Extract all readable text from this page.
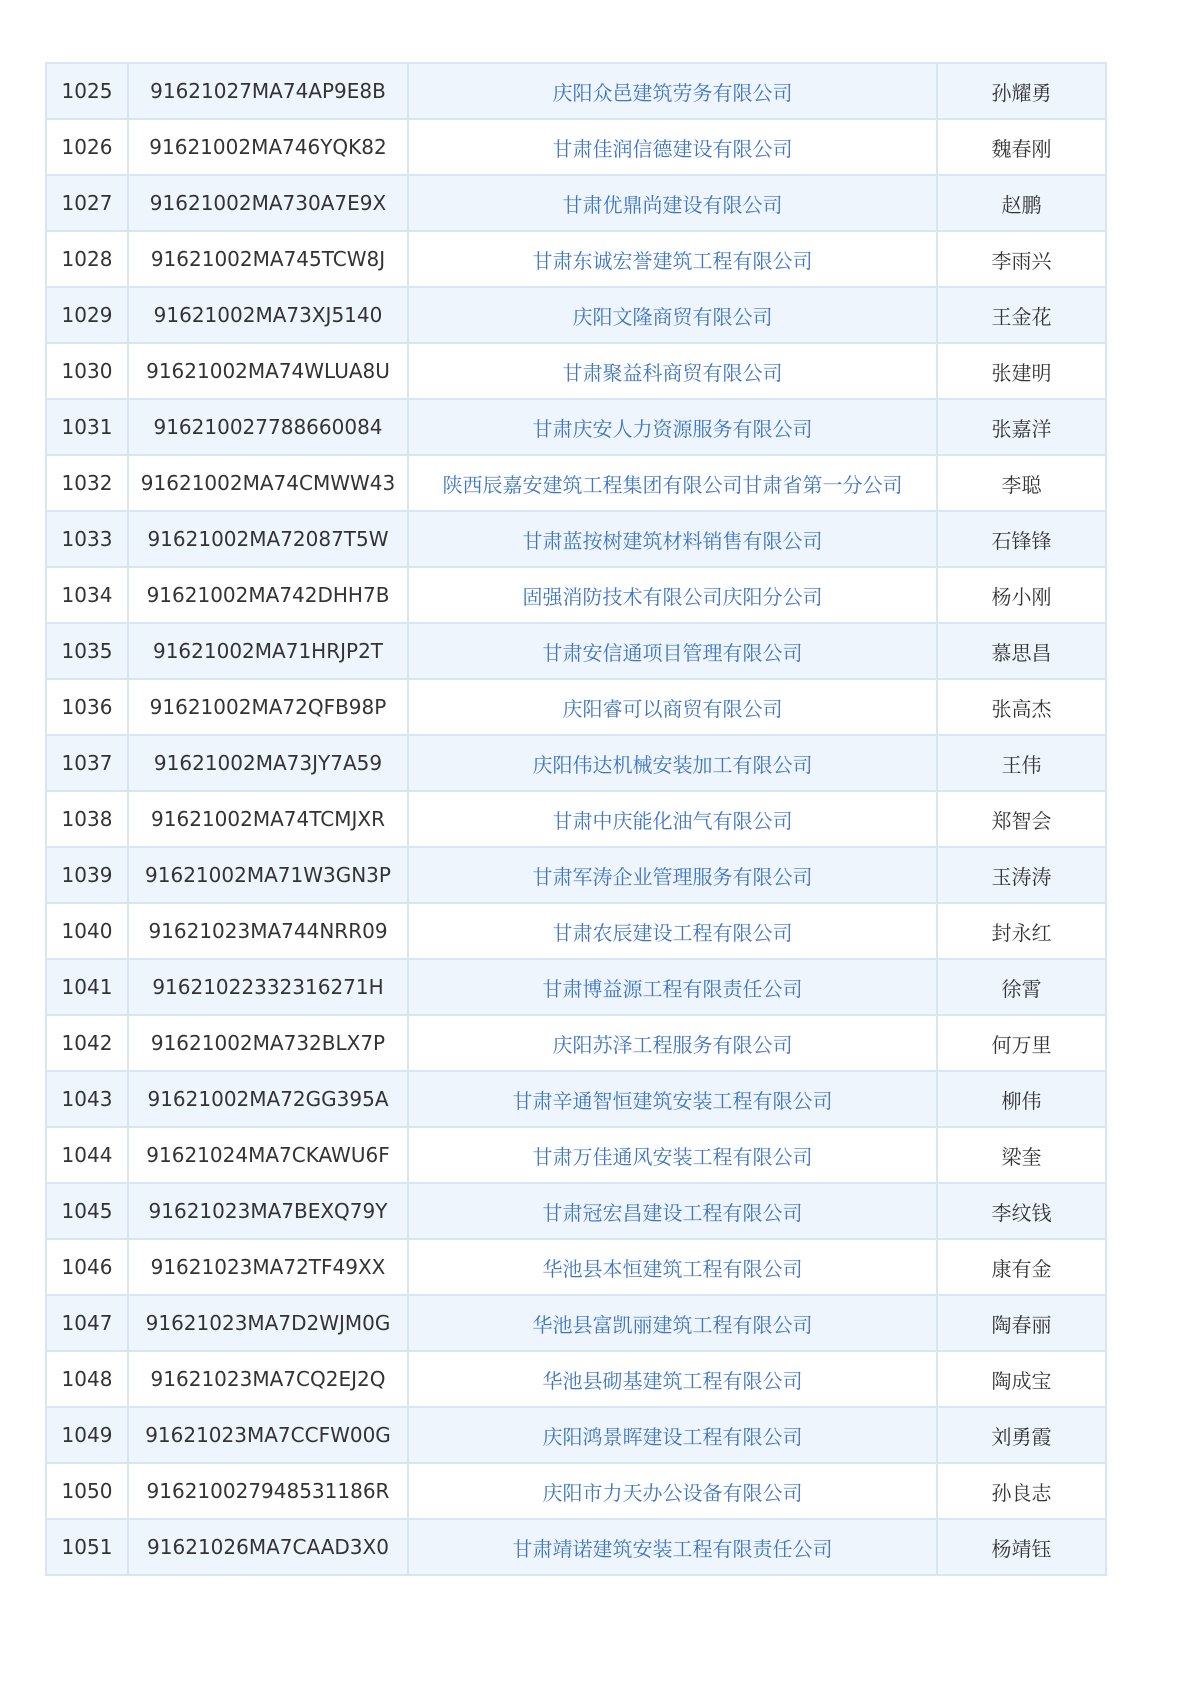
1025	91621027MA74AP9E8B	庆阳众邑建筑劳务有限公司	孙耀勇
1026	91621002MA746YQK82	甘肃佳润信德建设有限公司	魏春刚
1027	91621002MA730A7E9X	甘肃优鼎尚建设有限公司	赵鹏
1028	91621002MA745TCW8J	甘肃东诚宏誉建筑工程有限公司	李雨兴
1029	91621002MA73XJ5140	庆阳文隆商贸有限公司	王金花
1030	91621002MA74WLUA8U	甘肃聚益科商贸有限公司	张建明
1031	916210027788660084	甘肃庆安人力资源服务有限公司	张嘉洋
1032	91621002MA74CMWW43	陕西辰嘉安建筑工程集团有限公司甘肃省第一分公司	李聪
1033	91621002MA72087T5W	甘肃蓝按树建筑材料销售有限公司	石锋锋
1034	91621002MA742DHH7B	固强消防技术有限公司庆阳分公司	杨小刚
1035	91621002MA71HRJP2T	甘肃安信通项目管理有限公司	慕思昌
1036	91621002MA72QFB98P	庆阳睿可以商贸有限公司	张高杰
1037	91621002MA73JY7A59	庆阳伟达机械安装加工有限公司	王伟
1038	91621002MA74TCMJXR	甘肃中庆能化油气有限公司	郑智会
1039	91621002MA71W3GN3P	甘肃军涛企业管理服务有限公司	玉涛涛
1040	91621023MA744NRR09	甘肃农辰建设工程有限公司	封永红
1041	91621022332316271H	甘肃博益源工程有限责任公司	徐霄
1042	91621002MA732BLX7P	庆阳苏泽工程服务有限公司	何万里
1043	91621002MA72GG395A	甘肃辛通智恒建筑安装工程有限公司	柳伟
1044	91621024MA7CKAWU6F	甘肃万佳通风安装工程有限公司	梁奎
1045	91621023MA7BEXQ79Y	甘肃冠宏昌建设工程有限公司	李纹钱
1046	91621023MA72TF49XX	华池县本恒建筑工程有限公司	康有金
1047	91621023MA7D2WJM0G	华池县富凯丽建筑工程有限公司	陶春丽
1048	91621023MA7CQ2EJ2Q	华池县砌基建筑工程有限公司	陶成宝
1049	91621023MA7CCFW00G	庆阳鸿景晖建设工程有限公司	刘勇霞
1050	916210027948531186R	庆阳市力天办公设备有限公司	孙良志
1051	91621026MA7CAAD3X0	甘肃靖诺建筑安装工程有限责任公司	杨靖钰
